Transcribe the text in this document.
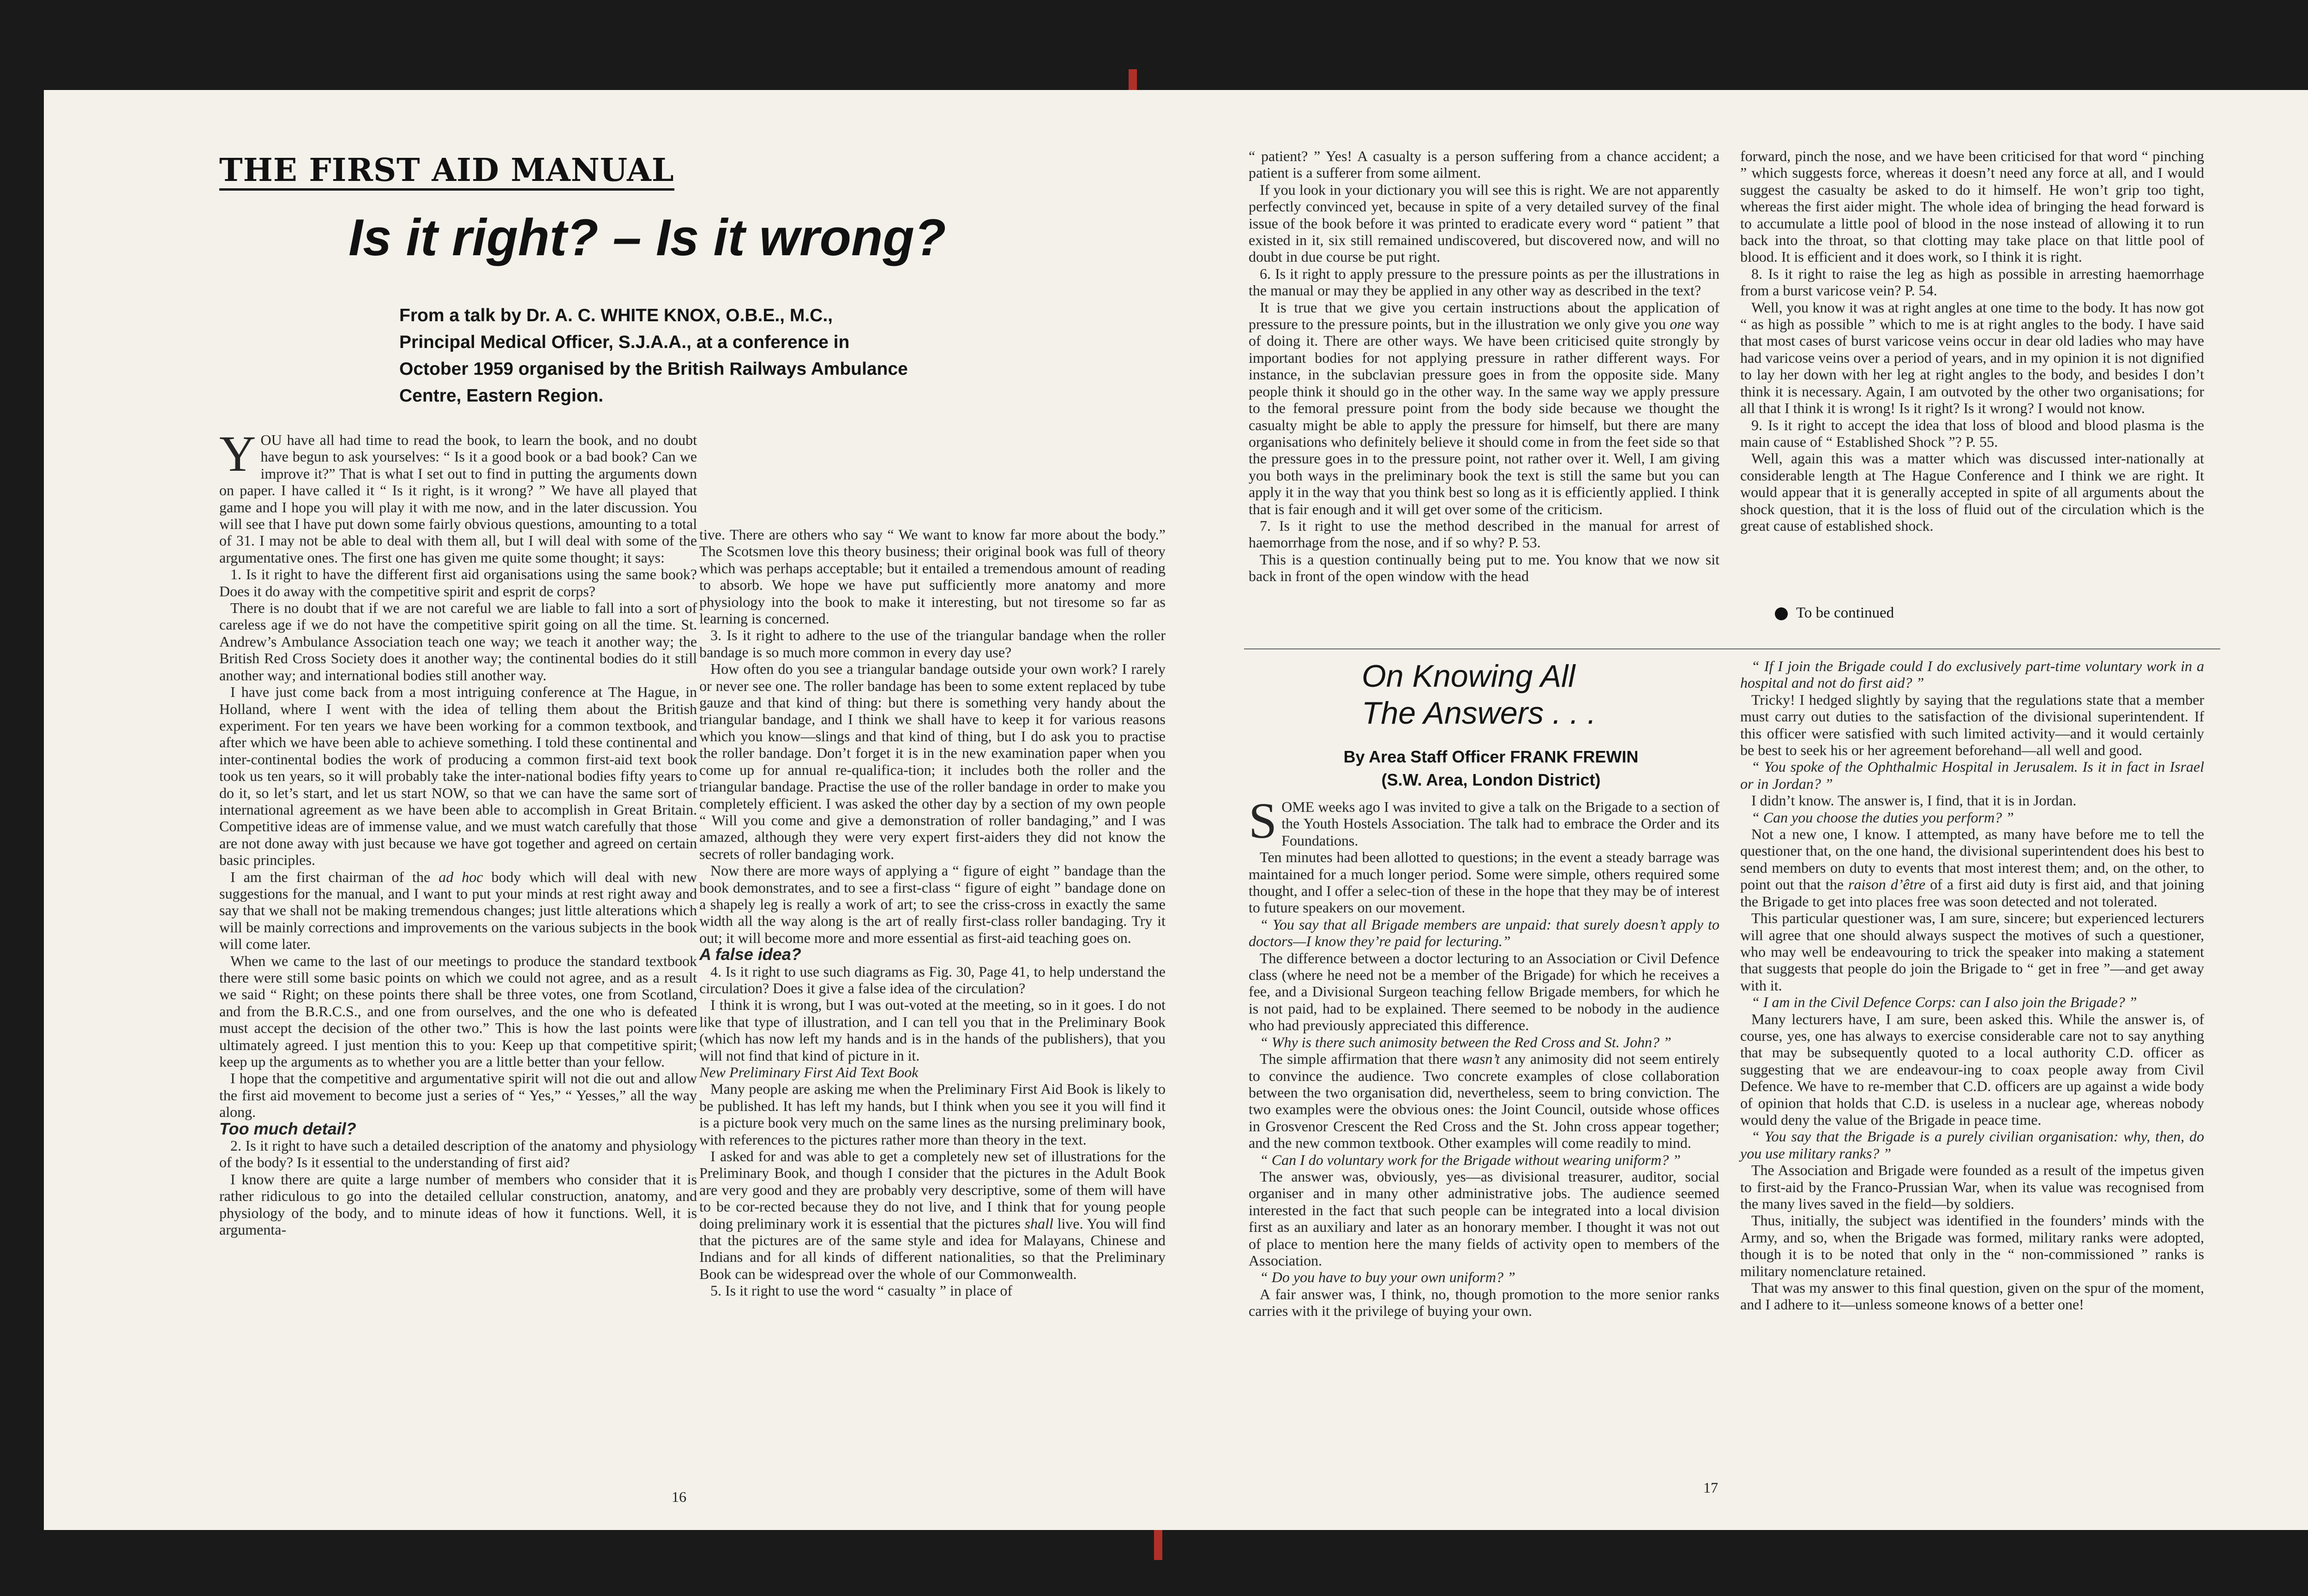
THE FIRST AID MANUAL
Is it right? – Is it wrong?
From a talk by Dr. A. C. WHITE KNOX, O.B.E., M.C.,
Principal Medical Officer, S.J.A.A., at a conference in
October 1959 organised by the British Railways Ambulance
Centre, Eastern Region.

YOU have all had time to read the book, to learn the book, and no doubt have begun to ask yourselves: “ Is it a good book or a bad book? Can we improve it?” That is what I set out to find in putting the arguments down on paper. I have called it “ Is it right, is it wrong? ” We have all played that game and I hope you will play it with me now, and in the later discussion. You will see that I have put down some fairly obvious questions, amounting to a total of 31. I may not be able to deal with them all, but I will deal with some of the argumentative ones. The first one has given me quite some thought; it says:

1. Is it right to have the different first aid organisations using the same book? Does it do away with the competitive spirit and esprit de corps?

There is no doubt that if we are not careful we are liable to fall into a sort of careless age if we do not have the competitive spirit going on all the time. St. Andrew’s Ambulance Association teach one way; we teach it another way; the British Red Cross Society does it another way; the continental bodies do it still another way; and international bodies still another way.

I have just come back from a most intriguing conference at The Hague, in Holland, where I went with the idea of telling them about the British experiment. For ten years we have been working for a common textbook, and after which we have been able to achieve something. I told these continental and inter-continental bodies the work of producing a common first-aid text book took us ten years, so it will probably take the inter-national bodies fifty years to do it, so let’s start, and let us start NOW, so that we can have the same sort of international agreement as we have been able to accomplish in Great Britain. Competitive ideas are of immense value, and we must watch carefully that those are not done away with just because we have got together and agreed on certain basic principles.

I am the first chairman of the ad hoc body which will deal with new suggestions for the manual, and I want to put your minds at rest right away and say that we shall not be making tremendous changes; just little alterations which will be mainly corrections and improvements on the various subjects in the book will come later.

When we came to the last of our meetings to produce the standard textbook there were still some basic points on which we could not agree, and as a result we said “ Right; on these points there shall be three votes, one from Scotland, and from the B.R.C.S., and one from ourselves, and the one who is defeated must accept the decision of the other two.” This is how the last points were ultimately agreed. I just mention this to you: Keep up that competitive spirit; keep up the arguments as to whether you are a little better than your fellow.

I hope that the competitive and argumentative spirit will not die out and allow the first aid movement to become just a series of “ Yes,” “ Yesses,” all the way along.

Too much detail?

2. Is it right to have such a detailed description of the anatomy and physiology of the body? Is it essential to the understanding of first aid?

I know there are quite a large number of members who consider that it is rather ridiculous to go into the detailed cellular construction, anatomy, and physiology of the body, and to minute ideas of how it functions. Well, it is argumenta-

tive. There are others who say “ We want to know far more about the body.” The Scotsmen love this theory business; their original book was full of theory which was perhaps acceptable; but it entailed a tremendous amount of reading to absorb. We hope we have put sufficiently more anatomy and more physiology into the book to make it interesting, but not tiresome so far as learning is concerned.

3. Is it right to adhere to the use of the triangular bandage when the roller bandage is so much more common in every day use?

How often do you see a triangular bandage outside your own work? I rarely or never see one. The roller bandage has been to some extent replaced by tube gauze and that kind of thing: but there is something very handy about the triangular bandage, and I think we shall have to keep it for various reasons which you know—slings and that kind of thing, but I do ask you to practise the roller bandage. Don’t forget it is in the new examination paper when you come up for annual re-qualifica-tion; it includes both the roller and the triangular bandage. Practise the use of the roller bandage in order to make you completely efficient. I was asked the other day by a section of my own people “ Will you come and give a demonstration of roller bandaging,” and I was amazed, although they were very expert first-aiders they did not know the secrets of roller bandaging work.

Now there are more ways of applying a “ figure of eight ” bandage than the book demonstrates, and to see a first-class “ figure of eight ” bandage done on a shapely leg is really a work of art; to see the criss-cross in exactly the same width all the way along is the art of really first-class roller bandaging. Try it out; it will become more and more essential as first-aid teaching goes on.

A false idea?

4. Is it right to use such diagrams as Fig. 30, Page 41, to help understand the circulation? Does it give a false idea of the circulation?

I think it is wrong, but I was out-voted at the meeting, so in it goes. I do not like that type of illustration, and I can tell you that in the Preliminary Book (which has now left my hands and is in the hands of the publishers), that you will not find that kind of picture in it.

New Preliminary First Aid Text Book

Many people are asking me when the Preliminary First Aid Book is likely to be published. It has left my hands, but I think when you see it you will find it is a picture book very much on the same lines as the nursing preliminary book, with references to the pictures rather more than theory in the text.

I asked for and was able to get a completely new set of illustrations for the Preliminary Book, and though I consider that the pictures in the Adult Book are very good and they are probably very descriptive, some of them will have to be cor-rected because they do not live, and I think that for young people doing preliminary work it is essential that the pictures shall live. You will find that the pictures are of the same style and idea for Malayans, Chinese and Indians and for all kinds of different nationalities, so that the Preliminary Book can be widespread over the whole of our Commonwealth.

5. Is it right to use the word “ casualty ” in place of

16

“ patient? ” Yes! A casualty is a person suffering from a chance accident; a patient is a sufferer from some ailment.

If you look in your dictionary you will see this is right. We are not apparently perfectly convinced yet, because in spite of a very detailed survey of the final issue of the book before it was printed to eradicate every word “ patient ” that existed in it, six still remained undiscovered, but discovered now, and will no doubt in due course be put right.

6. Is it right to apply pressure to the pressure points as per the illustrations in the manual or may they be applied in any other way as described in the text?

It is true that we give you certain instructions about the application of pressure to the pressure points, but in the illustration we only give you one way of doing it. There are other ways. We have been criticised quite strongly by important bodies for not applying pressure in rather different ways. For instance, in the subclavian pressure goes in from the opposite side. Many people think it should go in the other way. In the same way we apply pressure to the femoral pressure point from the body side because we thought the casualty might be able to apply the pressure for himself, but there are many organisations who definitely believe it should come in from the feet side so that the pressure goes in to the pressure point, not rather over it. Well, I am giving you both ways in the preliminary book the text is still the same but you can apply it in the way that you think best so long as it is efficiently applied. I think that is fair enough and it will get over some of the criticism.

7. Is it right to use the method described in the manual for arrest of haemorrhage from the nose, and if so why? P. 53.

This is a question continually being put to me. You know that we now sit back in front of the open window with the head

forward, pinch the nose, and we have been criticised for that word “ pinching ” which suggests force, whereas it doesn’t need any force at all, and I would suggest the casualty be asked to do it himself. He won’t grip too tight, whereas the first aider might. The whole idea of bringing the head forward is to accumulate a little pool of blood in the nose instead of allowing it to run back into the throat, so that clotting may take place on that little pool of blood. It is efficient and it does work, so I think it is right.

8. Is it right to raise the leg as high as possible in arresting haemorrhage from a burst varicose vein? P. 54.

Well, you know it was at right angles at one time to the body. It has now got “ as high as possible ” which to me is at right angles to the body. I have said that most cases of burst varicose veins occur in dear old ladies who may have had varicose veins over a period of years, and in my opinion it is not dignified to lay her down with her leg at right angles to the body, and besides I don’t think it is necessary. Again, I am outvoted by the other two organisations; for all that I think it is wrong! Is it right? Is it wrong? I would not know.

9. Is it right to accept the idea that loss of blood and blood plasma is the main cause of “ Established Shock ”? P. 55.

Well, again this was a matter which was discussed inter-nationally at considerable length at The Hague Conference and I think we are right. It would appear that it is generally accepted in spite of all arguments about the shock question, that it is the loss of fluid out of the circulation which is the great cause of established shock.

To be continued
On Knowing All
The Answers . . .
By Area Staff Officer FRANK FREWIN
(S.W. Area, London District)

SOME weeks ago I was invited to give a talk on the Brigade to a section of the Youth Hostels Association. The talk had to embrace the Order and its Foundations.

Ten minutes had been allotted to questions; in the event a steady barrage was maintained for a much longer period. Some were simple, others required some thought, and I offer a selec-tion of these in the hope that they may be of interest to future speakers on our movement.

“ You say that all Brigade members are unpaid: that surely doesn’t apply to doctors—I know they’re paid for lecturing.”

The difference between a doctor lecturing to an Association or Civil Defence class (where he need not be a member of the Brigade) for which he receives a fee, and a Divisional Surgeon teaching fellow Brigade members, for which he is not paid, had to be explained. There seemed to be nobody in the audience who had previously appreciated this difference.

“ Why is there such animosity between the Red Cross and St. John? ”

The simple affirmation that there wasn’t any animosity did not seem entirely to convince the audience. Two concrete examples of close collaboration between the two organisation did, nevertheless, seem to bring conviction. The two examples were the obvious ones: the Joint Council, outside whose offices in Grosvenor Crescent the Red Cross and the St. John cross appear together; and the new common textbook. Other examples will come readily to mind.

“ Can I do voluntary work for the Brigade without wearing uniform? ”

The answer was, obviously, yes—as divisional treasurer, auditor, social organiser and in many other administrative jobs. The audience seemed interested in the fact that such people can be integrated into a local division first as an auxiliary and later as an honorary member. I thought it was not out of place to mention here the many fields of activity open to members of the Association.

“ Do you have to buy your own uniform? ”

A fair answer was, I think, no, though promotion to the more senior ranks carries with it the privilege of buying your own.

“ If I join the Brigade could I do exclusively part-time voluntary work in a hospital and not do first aid? ”

Tricky! I hedged slightly by saying that the regulations state that a member must carry out duties to the satisfaction of the divisional superintendent. If this officer were satisfied with such limited activity—and it would certainly be best to seek his or her agreement beforehand—all well and good.

“ You spoke of the Ophthalmic Hospital in Jerusalem. Is it in fact in Israel or in Jordan? ”

I didn’t know. The answer is, I find, that it is in Jordan.

“ Can you choose the duties you perform? ”

Not a new one, I know. I attempted, as many have before me to tell the questioner that, on the one hand, the divisional superintendent does his best to send members on duty to events that most interest them; and, on the other, to point out that the raison d’être of a first aid duty is first aid, and that joining the Brigade to get into places free was soon detected and not tolerated.

This particular questioner was, I am sure, sincere; but experienced lecturers will agree that one should always suspect the motives of such a questioner, who may well be endeavouring to trick the speaker into making a statement that suggests that people do join the Brigade to “ get in free ”—and get away with it.

“ I am in the Civil Defence Corps: can I also join the Brigade? ”

Many lecturers have, I am sure, been asked this. While the answer is, of course, yes, one has always to exercise considerable care not to say anything that may be subsequently quoted to a local authority C.D. officer as suggesting that we are endeavour-ing to coax people away from Civil Defence. We have to re-member that C.D. officers are up against a wide body of opinion that holds that C.D. is useless in a nuclear age, whereas nobody would deny the value of the Brigade in peace time.

“ You say that the Brigade is a purely civilian organisation: why, then, do you use military ranks? ”

The Association and Brigade were founded as a result of the impetus given to first-aid by the Franco-Prussian War, when its value was recognised from the many lives saved in the field—by soldiers.

Thus, initially, the subject was identified in the founders’ minds with the Army, and so, when the Brigade was formed, military ranks were adopted, though it is to be noted that only in the “ non-commissioned ” ranks is military nomenclature retained.

That was my answer to this final question, given on the spur of the moment, and I adhere to it—unless someone knows of a better one!

17
